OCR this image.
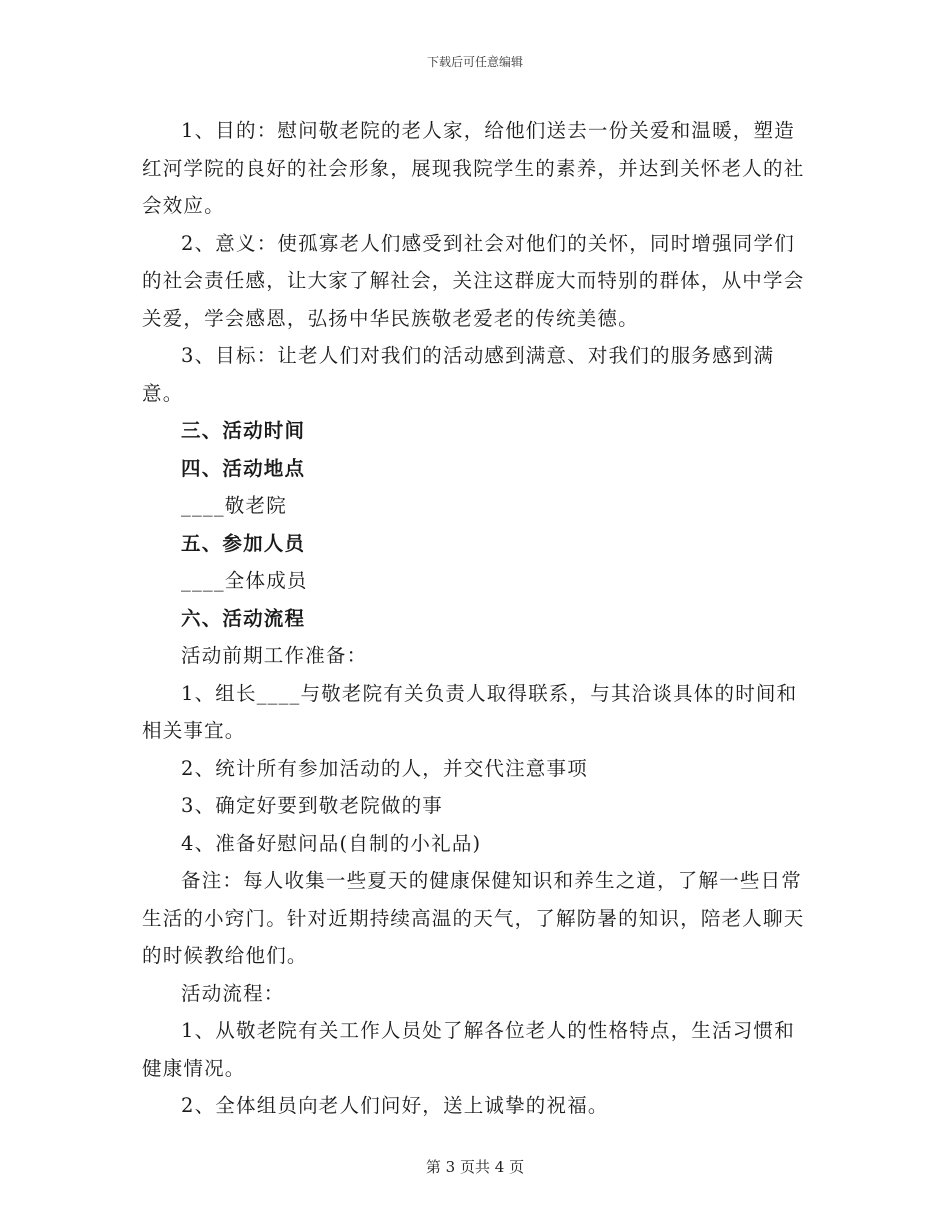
下载后可任意编辑

1、目的：慰问敬老院的老人家，给他们送去一份关爱和温暖，塑造红河学院的良好的社会形象，展现我院学生的素养，并达到关怀老人的社会效应。

2、意义：使孤寡老人们感受到社会对他们的关怀，同时增强同学们的社会责任感，让大家了解社会，关注这群庞大而特别的群体，从中学会关爱，学会感恩，弘扬中华民族敬老爱老的传统美德。

3、目标：让老人们对我们的活动感到满意、对我们的服务感到满意。

三、活动时间

四、活动地点

____敬老院

五、参加人员

____全体成员

六、活动流程

活动前期工作准备：

1、组长____与敬老院有关负责人取得联系，与其洽谈具体的时间和相关事宜。

2、统计所有参加活动的人，并交代注意事项

3、确定好要到敬老院做的事

4、准备好慰问品(自制的小礼品)

备注：每人收集一些夏天的健康保健知识和养生之道，了解一些日常生活的小窍门。针对近期持续高温的天气，了解防暑的知识，陪老人聊天的时候教给他们。

活动流程：

1、从敬老院有关工作人员处了解各位老人的性格特点，生活习惯和健康情况。

2、全体组员向老人们问好，送上诚挚的祝福。

第 3 页共 4 页
